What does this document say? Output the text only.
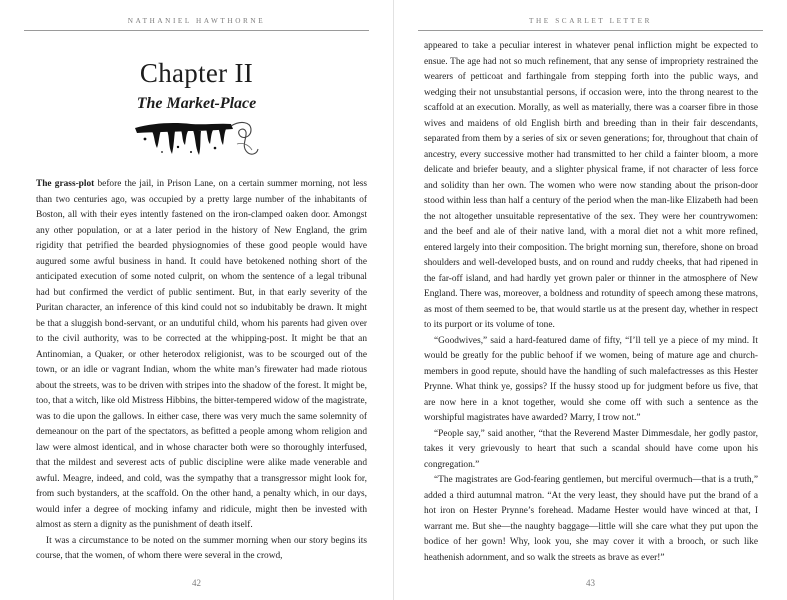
NATHANIEL HAWTHORNE
Chapter II
The Market-Place

The grass-plot before the jail, in Prison Lane, on a certain summer morning, not less than two centuries ago, was occupied by a pretty large number of the inhabitants of Boston, all with their eyes intently fastened on the iron-clamped oaken door. Amongst any other population, or at a later period in the history of New England, the grim rigidity that petrified the bearded physiognomies of these good people would have augured some awful business in hand. It could have betokened nothing short of the anticipated execution of some noted culprit, on whom the sentence of a legal tribunal had but confirmed the verdict of public sentiment. But, in that early severity of the Puritan character, an inference of this kind could not so indubitably be drawn. It might be that a sluggish bond-servant, or an undutiful child, whom his parents had given over to the civil authority, was to be corrected at the whipping-post. It might be that an Antinomian, a Quaker, or other heterodox religionist, was to be scourged out of the town, or an idle or vagrant Indian, whom the white man’s firewater had made riotous about the streets, was to be driven with stripes into the shadow of the forest. It might be, too, that a witch, like old Mistress Hibbins, the bitter-tempered widow of the magistrate, was to die upon the gallows. In either case, there was very much the same solemnity of demeanour on the part of the spectators, as befitted a people among whom religion and law were almost identical, and in whose character both were so thoroughly interfused, that the mildest and severest acts of public discipline were alike made venerable and awful. Meagre, indeed, and cold, was the sympathy that a transgressor might look for, from such bystanders, at the scaffold. On the other hand, a penalty which, in our days, would infer a degree of mocking infamy and ridicule, might then be invested with almost as stern a dignity as the punishment of death itself.

It was a circumstance to be noted on the summer morning when our story begins its course, that the women, of whom there were several in the crowd,

42
THE SCARLET LETTER

appeared to take a peculiar interest in whatever penal infliction might be expected to ensue. The age had not so much refinement, that any sense of impropriety restrained the wearers of petticoat and farthingale from stepping forth into the public ways, and wedging their not unsubstantial persons, if occasion were, into the throng nearest to the scaffold at an execution. Morally, as well as materially, there was a coarser fibre in those wives and maidens of old English birth and breeding than in their fair descendants, separated from them by a series of six or seven generations; for, throughout that chain of ancestry, every successive mother had transmitted to her child a fainter bloom, a more delicate and briefer beauty, and a slighter physical frame, if not character of less force and solidity than her own. The women who were now standing about the prison-door stood within less than half a century of the period when the man-like Elizabeth had been the not altogether unsuitable representative of the sex. They were her countrywomen: and the beef and ale of their native land, with a moral diet not a whit more refined, entered largely into their composition. The bright morning sun, therefore, shone on broad shoulders and well-developed busts, and on round and ruddy cheeks, that had ripened in the far-off island, and had hardly yet grown paler or thinner in the atmosphere of New England. There was, moreover, a boldness and rotundity of speech among these matrons, as most of them seemed to be, that would startle us at the present day, whether in respect to its purport or its volume of tone.

“Goodwives,” said a hard-featured dame of fifty, “I’ll tell ye a piece of my mind. It would be greatly for the public behoof if we women, being of mature age and church-members in good repute, should have the handling of such malefactresses as this Hester Prynne. What think ye, gossips? If the hussy stood up for judgment before us five, that are now here in a knot together, would she come off with such a sentence as the worshipful magistrates have awarded? Marry, I trow not.”

“People say,” said another, “that the Reverend Master Dimmesdale, her godly pastor, takes it very grievously to heart that such a scandal should have come upon his congregation.”

“The magistrates are God-fearing gentlemen, but merciful overmuch—that is a truth,” added a third autumnal matron. “At the very least, they should have put the brand of a hot iron on Hester Prynne’s forehead. Madame Hester would have winced at that, I warrant me. But she—the naughty baggage—little will she care what they put upon the bodice of her gown! Why, look you, she may cover it with a brooch, or such like heathenish adornment, and so walk the streets as brave as ever!”

43
